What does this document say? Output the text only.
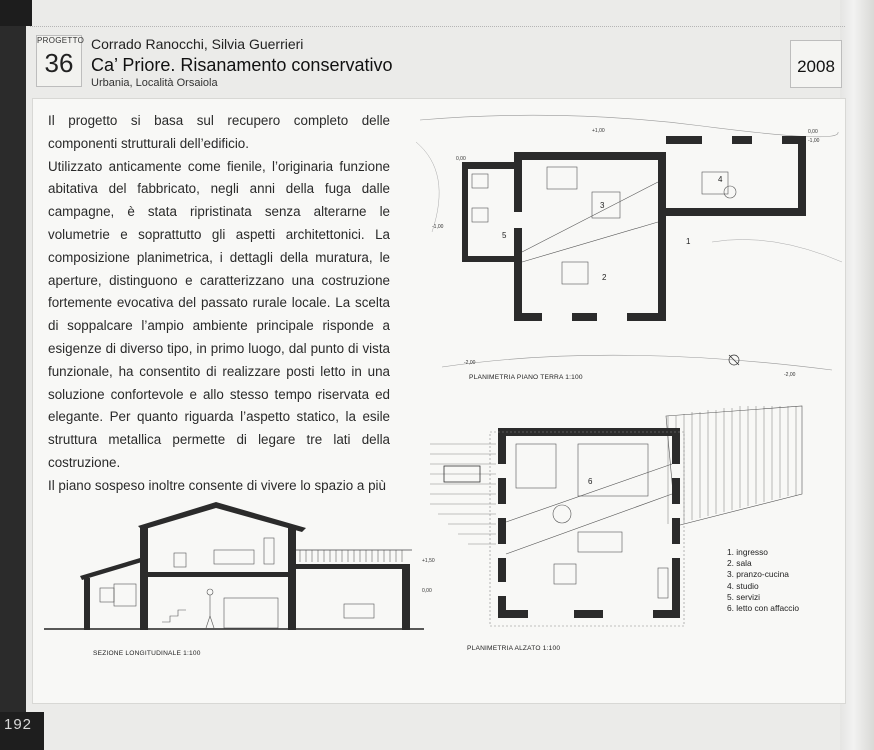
192
PROGETTO
36
Corrado Ranocchi, Silvia Guerrieri
Ca’ Priore. Risanamento conservativo
Urbania, Località Orsaiola
2008

Il progetto si basa sul recupero completo delle componenti strutturali dell’edificio.

Utilizzato anticamente come fienile, l’originaria funzione abitativa del fabbricato, negli anni della fuga dalle campagne, è stata ripristinata senza alterarne le volumetrie e soprattutto gli aspetti architettonici. La composizione planimetrica, i dettagli della muratura, le aperture, distinguono e caratterizzano una costruzione fortemente evocativa del passato rurale locale. La scelta di soppalcare l’ampio ambiente principale risponde a esigenze di diverso tipo, in primo luogo, dal punto di vista funzionale, ha consentito di realizzare posti letto in una soluzione confortevole e allo stesso tempo riservata ed elegante. Per quanto riguarda l’aspetto statico, la esile struttura metallica permette di legare tre lati della costruzione.

Il piano sospeso inoltre consente di vivere lo spazio a più

3
2
4
5
1
+1,00
0,00
-1,00
0,00
-1,00
-2,00
-2,00
PLANIMETRIA PIANO TERRA 1:100
6
PLANIMETRIA ALZATO 1:100
1. ingresso
2. sala
3. pranzo-cucina
4. studio
5. servizi
6. letto con affaccio
+1,50
0,00
SEZIONE LONGITUDINALE 1:100
